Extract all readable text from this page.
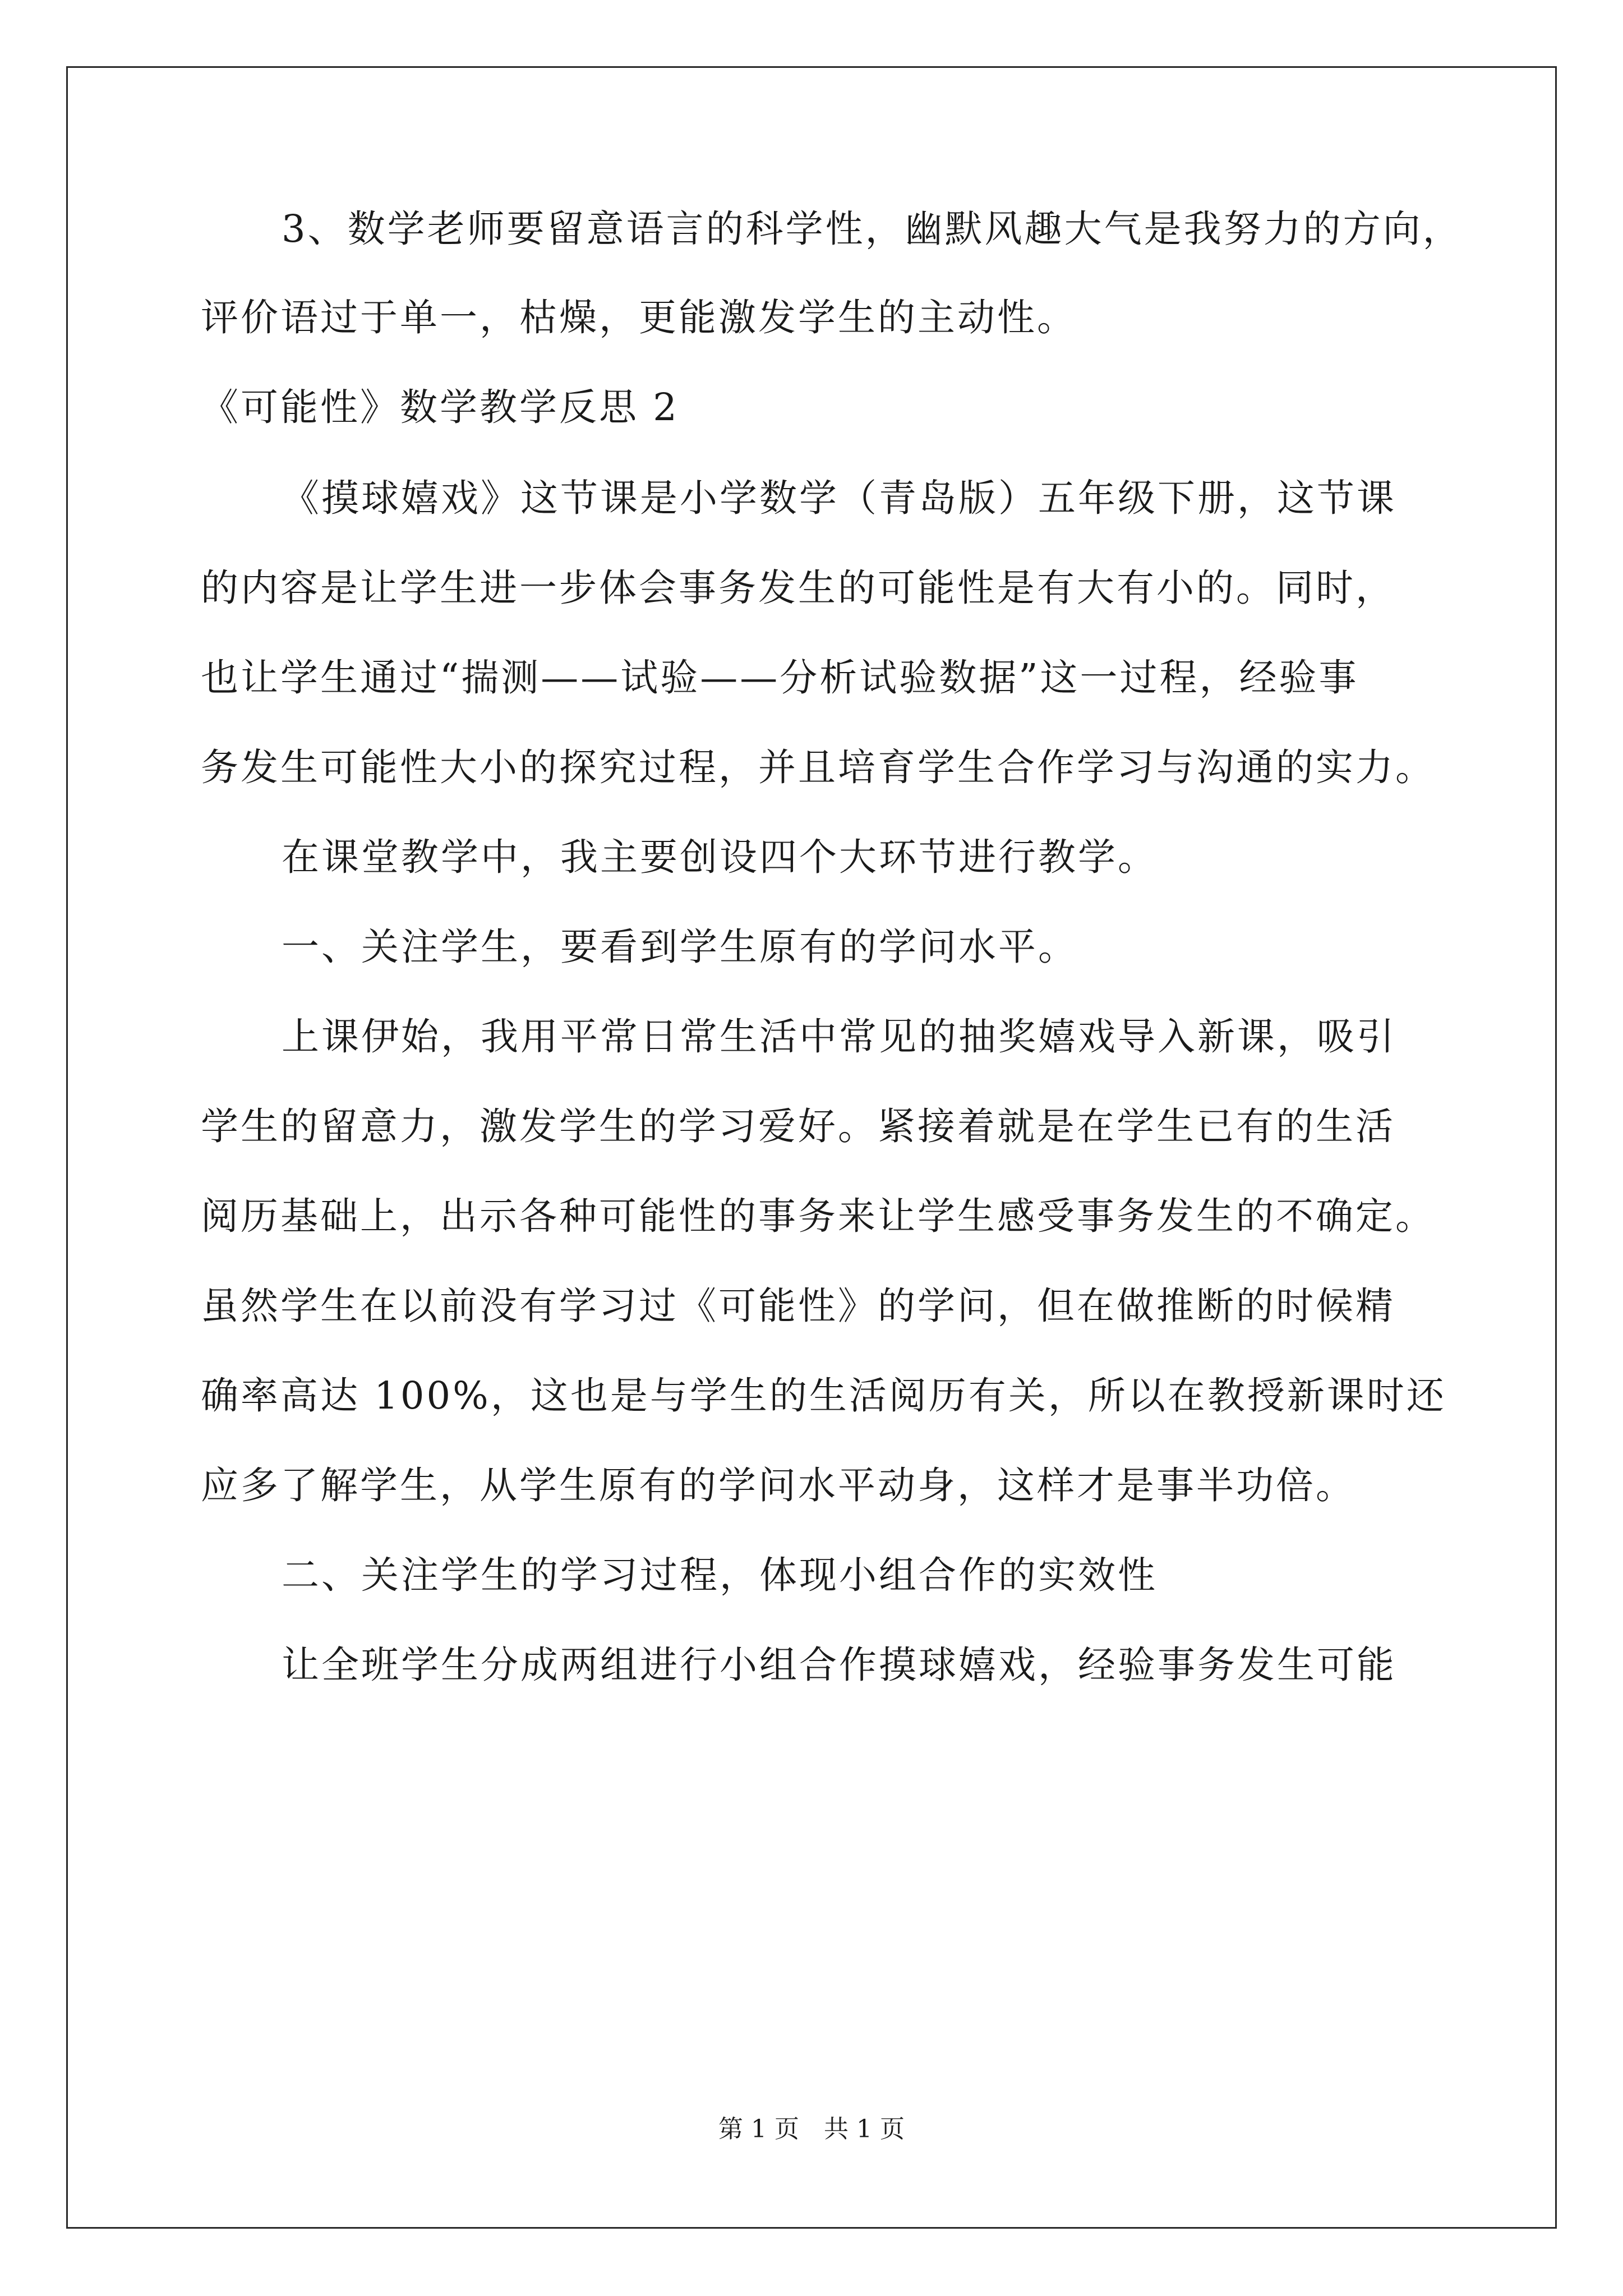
3、数学老师要留意语言的科学性，幽默风趣大气是我努力的方向，
评价语过于单一，枯燥，更能激发学生的主动性。
《可能性》数学教学反思 2
《摸球嬉戏》这节课是小学数学（青岛版）五年级下册，这节课
的内容是让学生进一步体会事务发生的可能性是有大有小的。同时，
也让学生通过“揣测——试验——分析试验数据”这一过程，经验事
务发生可能性大小的探究过程，并且培育学生合作学习与沟通的实力。
在课堂教学中，我主要创设四个大环节进行教学。
一、关注学生，要看到学生原有的学问水平。
上课伊始，我用平常日常生活中常见的抽奖嬉戏导入新课，吸引
学生的留意力，激发学生的学习爱好。紧接着就是在学生已有的生活
阅历基础上，出示各种可能性的事务来让学生感受事务发生的不确定。
虽然学生在以前没有学习过《可能性》的学问，但在做推断的时候精
确率高达 100%，这也是与学生的生活阅历有关，所以在教授新课时还
应多了解学生，从学生原有的学问水平动身，这样才是事半功倍。
二、关注学生的学习过程，体现小组合作的实效性
让全班学生分成两组进行小组合作摸球嬉戏，经验事务发生可能
第 1 页　共 1 页
